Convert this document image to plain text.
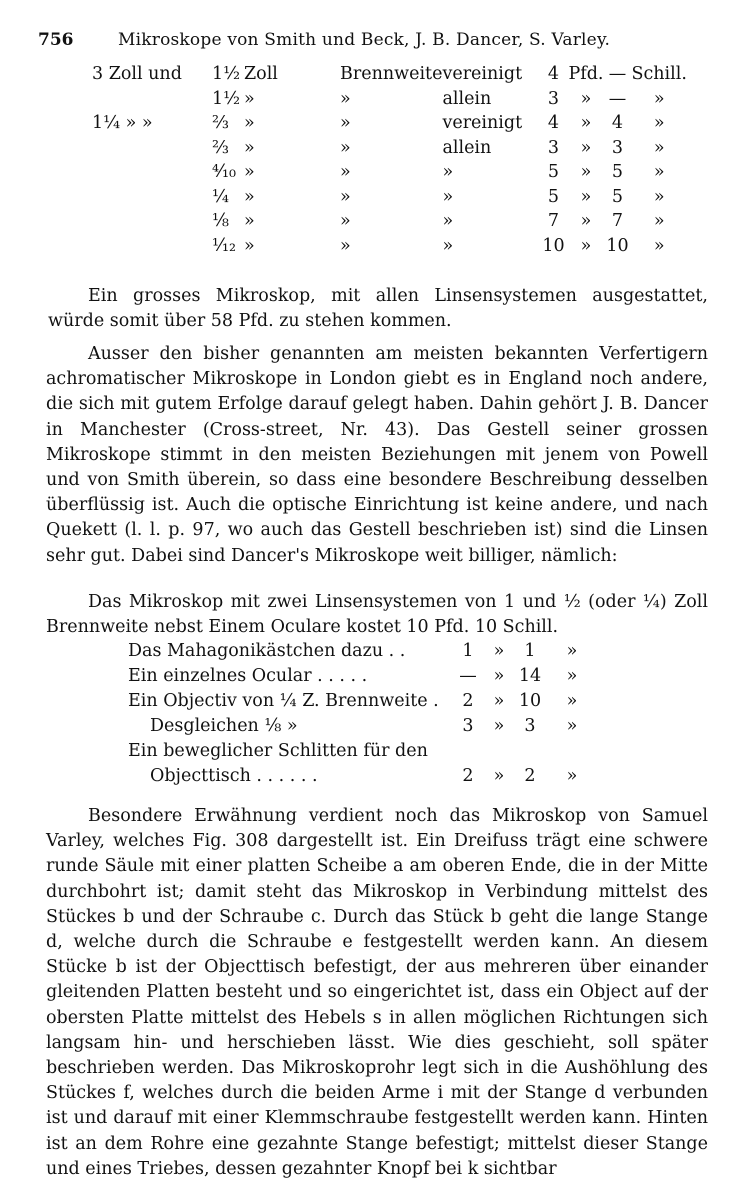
756	Mikroskope von Smith und Beck, J. B. Dancer, S. Varley.
3 Zoll und	1½	Zoll		Brennweite	vereinigt	4	Pfd.	—	Schill.
	1½	»		»	allein	3	»	—	»
1¼ » »	⅔	»		»	vereinigt	4	»	4	»
	⅔	»		»	allein	3	»	3	»
	⁴⁄₁₀	»		»	»	5	»	5	»
	¼	»		»	»	5	»	5	»
	⅛	»		»	»	7	»	7	»
	¹⁄₁₂	»		»	»	10	»	10	»

Ein grosses Mikroskop, mit allen Linsensystemen ausgestattet, würde somit über 58 Pfd. zu stehen kommen.

Ausser den bisher genannten am meisten bekannten Verfertigern achromatischer Mikroskope in London giebt es in England noch andere, die sich mit gutem Erfolge darauf gelegt haben. Dahin gehört J. B. Dancer in Manchester (Cross-street, Nr. 43). Das Gestell seiner grossen Mikroskope stimmt in den meisten Beziehungen mit jenem von Powell und von Smith überein, so dass eine besondere Beschreibung desselben überflüssig ist. Auch die optische Einrichtung ist keine andere, und nach Quekett (l. l. p. 97, wo auch das Gestell beschrieben ist) sind die Linsen sehr gut. Dabei sind Dancer's Mikroskope weit billiger, nämlich:

Das Mikroskop mit zwei Linsensystemen von 1 und ½ (oder ¼) Zoll Brennweite nebst Einem Oculare kostet 10 Pfd. 10 Schill.

Das Mahagonikästchen dazu . .	1	»	1	»
Ein einzelnes Ocular . . . . .	—	»	14	»
Ein Objectiv von ¼ Z. Brennweite .	2	»	10	»
Desgleichen ⅛ »	3	»	3	»
Ein beweglicher Schlitten für den				
Objecttisch . . . . . .	2	»	2	»

Besondere Erwähnung verdient noch das Mikroskop von Samuel Varley, welches Fig. 308 dargestellt ist. Ein Dreifuss trägt eine schwere runde Säule mit einer platten Scheibe a am oberen Ende, die in der Mitte durchbohrt ist; damit steht das Mikroskop in Verbindung mittelst des Stückes b und der Schraube c. Durch das Stück b geht die lange Stange d, welche durch die Schraube e festgestellt werden kann. An diesem Stücke b ist der Objecttisch befestigt, der aus mehreren über einander gleitenden Platten besteht und so eingerichtet ist, dass ein Object auf der obersten Platte mittelst des Hebels s in allen möglichen Richtungen sich langsam hin- und herschieben lässt. Wie dies geschieht, soll später beschrieben werden. Das Mikroskoprohr legt sich in die Aushöhlung des Stückes f, welches durch die beiden Arme i mit der Stange d verbunden ist und darauf mit einer Klemmschraube festgestellt werden kann. Hinten ist an dem Rohre eine gezahnte Stange befestigt; mittelst dieser Stange und eines Triebes, dessen gezahnter Knopf bei k sichtbar
